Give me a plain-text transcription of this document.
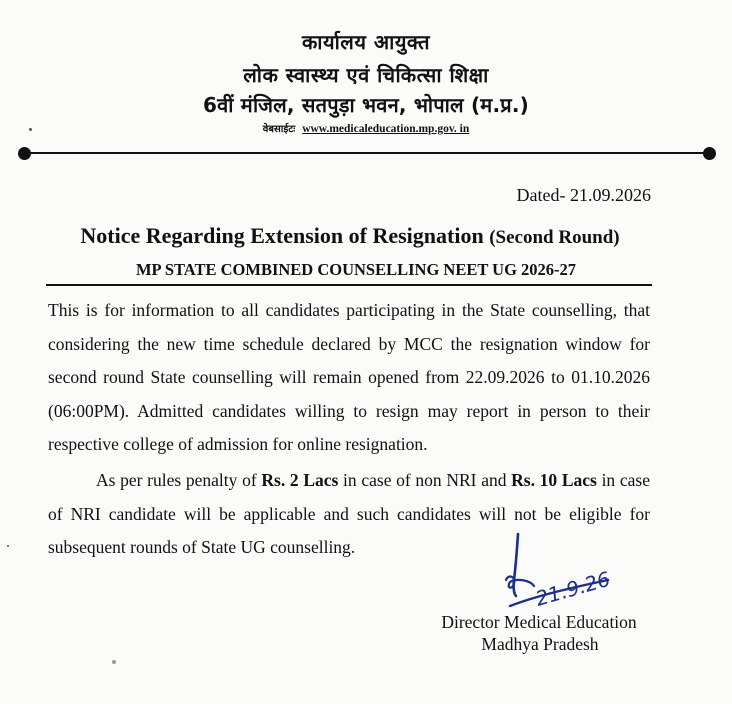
कार्यालय आयुक्त
लोक स्वास्थ्य एवं चिकित्सा शिक्षा
6वीं मंजिल, सतपुड़ा भवन, भोपाल (म.प्र.)
वेबसाईटः www.medicaleducation.mp.gov. in
Dated- 21.09.2026
Notice Regarding Extension of Resignation (Second Round)
MP STATE COMBINED COUNSELLING NEET UG 2026-27

This is for information to all candidates participating in the State counselling, that considering the new time schedule declared by MCC the resignation window for second round State counselling will remain opened from 22.09.2026 to 01.10.2026 (06:00PM). Admitted candidates willing to resign may report in person to their respective college of admission for online resignation.

As per rules penalty of Rs. 2 Lacs in case of non NRI and Rs. 10 Lacs in case of NRI candidate will be applicable and such candidates will not be eligible for subsequent rounds of State UG counselling.

21.9.26
Director Medical Education
Madhya Pradesh
